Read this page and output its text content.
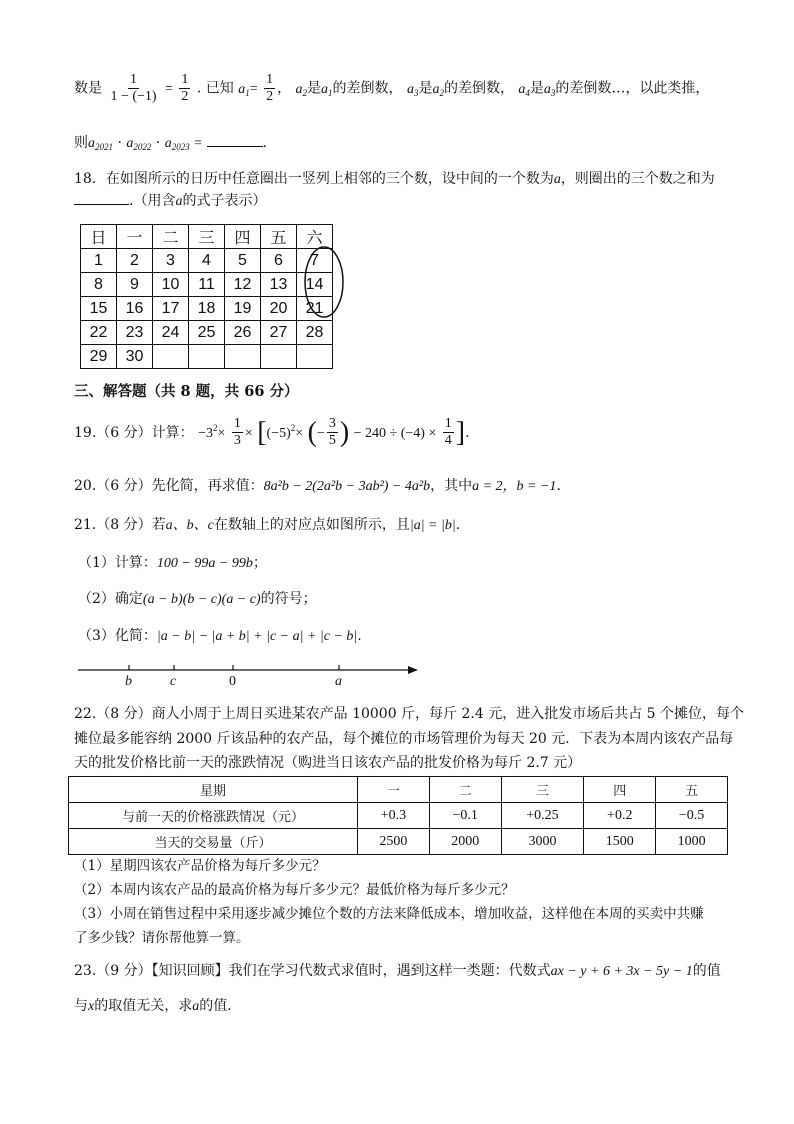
数是 $\frac{1}{1 - (-1)} = \frac{1}{2}$ . 已知 $a_1= \frac{1}{2}$ ， $a_2$是$a_1$的差倒数， $a_3$是$a_2$的差倒数， $a_4$是$a_3$的差倒数…，以此类推，
则$a_{2021} \cdot a_{2022} \cdot a_{2023}$ =	.
18．在如图所示的日历中任意圈出一竖列上相邻的三个数，设中间的一个数为a，则圈出的三个数之和为
.（用含a的式子表示）
日	一	二	三	四	五	六
1	2	3	4	5	6	7
8	9	10	11	12	13	14
15	16	17	18	19	20	21
22	23	24	25	26	27	28
29	30					
三、解答题（共 8 题，共 66 分）
19.（6 分）计算： $-3^2\times \frac{1}{3} \times [(-5)^2\times$ (− $\frac{3}{5}$ ) − $240 \div (-4) \times \frac{1}{4}$ ].
20.（6 分）先化简，再求值：8a²b − 2(2a²b − 3ab²) − 4a²b，其中a = 2，b = −1.
21.（8 分）若a、b、c在数轴上的对应点如图所示，且|a| = |b|.
（1）计算：100 − 99a − 99b；
（2）确定(a − b)(b − c)(a − c)的符号；
（3）化简：|a − b| − |a + b| + |c − a| + |c − b|.
b	c	0	a
22.（8 分）商人小周于上周日买进某农产品 10000 斤，每斤 2.4 元，进入批发市场后共占 5 个摊位，每个
摊位最多能容纳 2000 斤该品种的农产品，每个摊位的市场管理价为每天 20 元．下表为本周内该农产品每
天的批发价格比前一天的涨跌情况（购进当日该农产品的批发价格为每斤 2.7 元）
星期	一	二	三	四	五
与前一天的价格涨跌情况（元）	+0.3	−0.1	+0.25	+0.2	−0.5
当天的交易量（斤）	2500	2000	3000	1500	1000
（1）星期四该农产品价格为每斤多少元？
（2）本周内该农产品的最高价格为每斤多少元？最低价格为每斤多少元？
（3）小周在销售过程中采用逐步减少摊位个数的方法来降低成本，增加收益，这样他在本周的买卖中共赚
了多少钱？请你帮他算一算。
23.（9 分）【知识回顾】我们在学习代数式求值时，遇到这样一类题：代数式ax − y + 6 + 3x − 5y − 1的值
与x的取值无关，求a的值.
